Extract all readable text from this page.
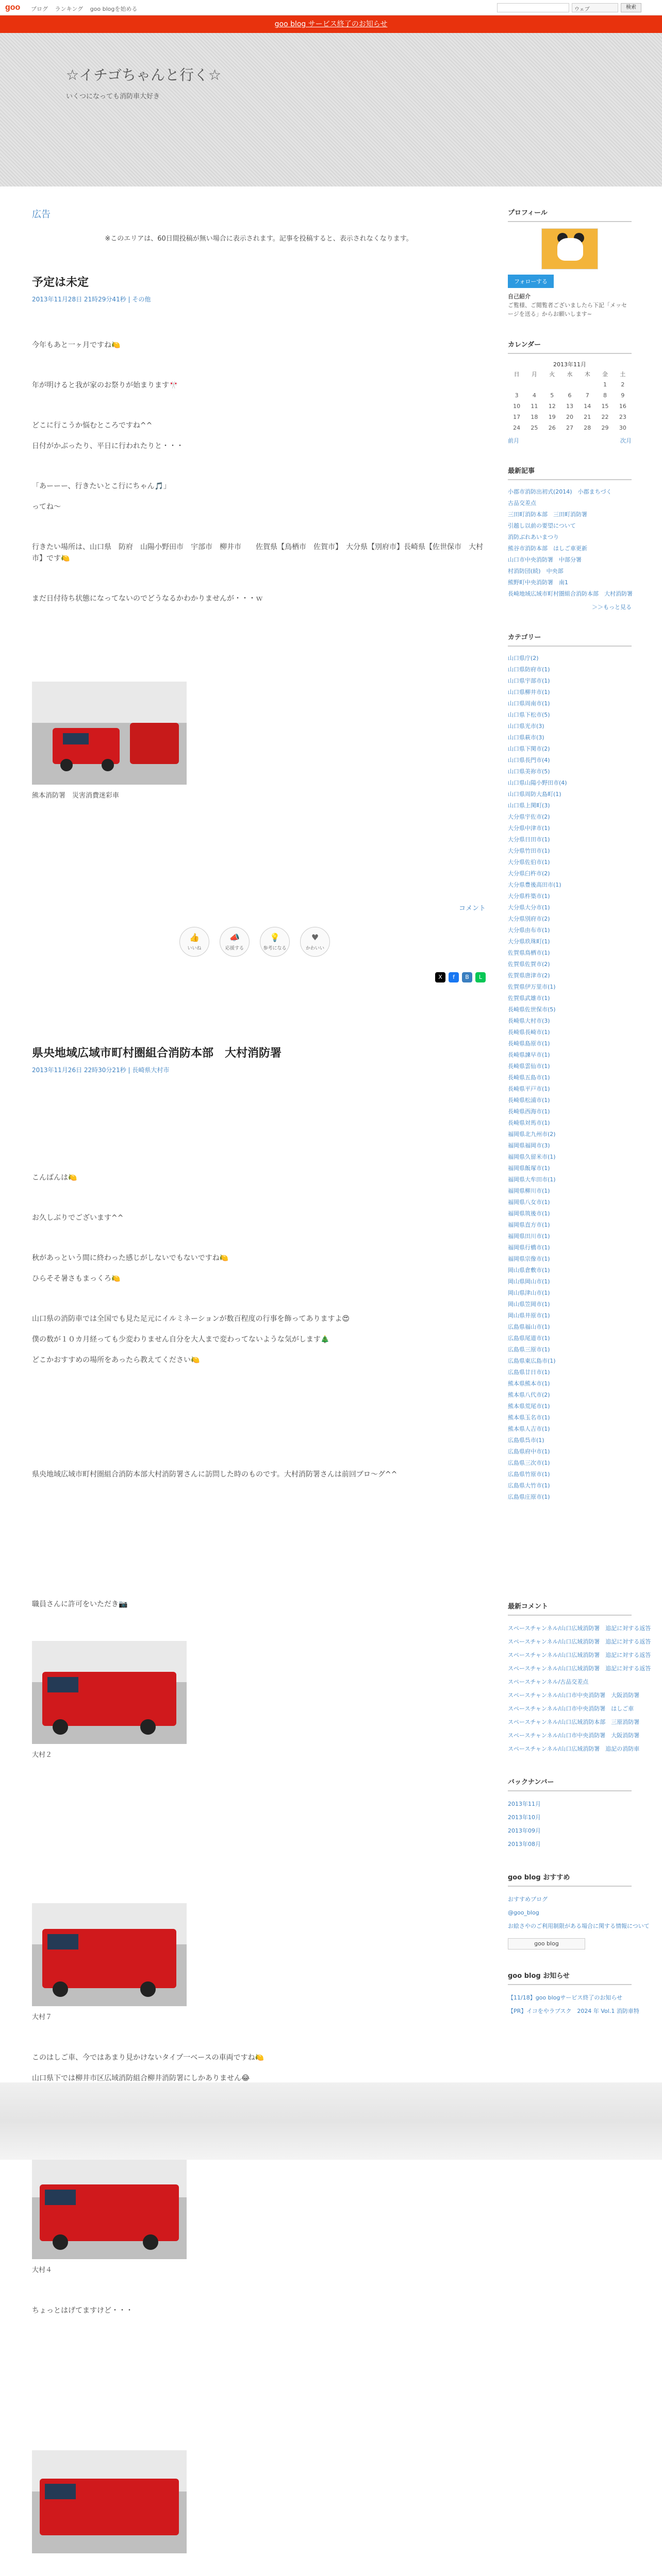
goo ブログ ランキング goo blogを始める	ウェブ	検索
goo blog サービス終了のお知らせ
☆イチゴちゃんと行く☆
いくつになっても消防車大好き
広告
※このエリアは、60日間投稿が無い場合に表示されます。記事を投稿すると、表示されなくなります。
予定は未定
2013年11月28日 21時29分41秒 | その他

今年もあと一ヶ月ですね🍋

年が明けると我が家のお祭りが始まります🎌

どこに行こうか悩むところですね^^

日付がかぶったり、平日に行われたりと・・・

「あーーー、行きたいとこ行にちゃん🎵」

ってね〜

行きたい場所は、山口県　防府　山陽小野田市　宇部市　柳井市　　佐賀県【鳥栖市　佐賀市】　大分県【別府市】長崎県【佐世保市　大村市】です🍋

まだ日付待ち状態になってないのでどうなるかわかりませんが・・・ｗ

熊本消防署　災害消費迷彩車
コメント
👍
いいね
📣
応援する
💡
参考になる
♥
かわいい
X	f	B	L
県央地域広域市町村圏組合消防本部　大村消防署
2013年11月26日 22時30分21秒 | 長崎県大村市

こんばんは🍋

お久しぶりでございます^^

秋があっという間に終わった感じがしないでもないですね🍋

ひらそそ暑さもまっくろ🍋

山口県の消防車では全国でも見た足元にイルミネーションが数百程度の行事を飾ってありますよ😍

僕の数が１０カ月経っても少変わりません自分を大人まで変わってないような気がします🎄

どこかおすすめの場所をあったら教えてください🍋

県央地域広域市町村圏組合消防本部大村消防署さんに訪問した時のものです。大村消防署さんは前回ブロ～グ^^

職員さんに許可をいただき📷

大村２
大村７

このはしご車、今ではあまり見かけないタイプ一ベースの車両ですね🍋

山口県下では柳井市区広域消防組合柳井消防署にしかありません😂

大村４

ちょっとはげてますけど・・・

プロフィール
フォローする
自己紹介
ご覧様、ご閲覧者ございましたら下記「メッセージを送る」からお願いします~
カレンダー
2013年11月
日	月	火	水	木	金	土
					1	2
3	4	5	6	7	8	9
10	11	12	13	14	15	16
17	18	19	20	21	22	23
24	25	26	27	28	29	30
前月	次月
最新記事
小郡市消防出初式(2014)　小郡まちづく
古品交差点
三田町消防本部　三田町消防署
引越し以前の要望について
消防ぶれあいまつり
熊谷市消防本部　はしご車更新
山口市中央消防署　中部分署
村消防団(続)　中央部
熊野町中央消防署　南1
長崎地域広域市町村圏組合消防本部　大村消防署
＞＞もっと見る
カテゴリー
山口県庁(2)
山口県防府市(1)
山口県宇部市(1)
山口県柳井市(1)
山口県周南市(1)
山口県下松市(5)
山口県光市(3)
山口県萩市(3)
山口県下関市(2)
山口県長門市(4)
山口県美祢市(5)
山口県山陽小野田市(4)
山口県周防大島町(1)
山口県上関町(3)
大分県宇佐市(2)
大分県中津市(1)
大分県日田市(1)
大分県竹田市(1)
大分県佐伯市(1)
大分県臼杵市(2)
大分県豊後高田市(1)
大分県杵築市(1)
大分県大分市(1)
大分県別府市(2)
大分県由布市(1)
大分県玖珠町(1)
佐賀県鳥栖市(1)
佐賀県佐賀市(2)
佐賀県唐津市(2)
佐賀県伊万里市(1)
佐賀県武雄市(1)
長崎県佐世保市(5)
長崎県大村市(3)
長崎県長崎市(1)
長崎県島原市(1)
長崎県諫早市(1)
長崎県雲仙市(1)
長崎県五島市(1)
長崎県平戸市(1)
長崎県松浦市(1)
長崎県西海市(1)
長崎県対馬市(1)
福岡県北九州市(2)
福岡県福岡市(3)
福岡県久留米市(1)
福岡県飯塚市(1)
福岡県大牟田市(1)
福岡県柳川市(1)
福岡県八女市(1)
福岡県筑後市(1)
福岡県直方市(1)
福岡県田川市(1)
福岡県行橋市(1)
福岡県宗像市(1)
岡山県倉敷市(1)
岡山県岡山市(1)
岡山県津山市(1)
岡山県笠岡市(1)
岡山県井原市(1)
広島県福山市(1)
広島県尾道市(1)
広島県三原市(1)
広島県東広島市(1)
広島県廿日市(1)
熊本県熊本市(1)
熊本県八代市(2)
熊本県荒尾市(1)
熊本県玉名市(1)
熊本県人吉市(1)
広島県呉市(1)
広島県府中市(1)
広島県三次市(1)
広島県竹原市(1)
広島県大竹市(1)
広島県庄原市(1)
最新コメント
スペースチャンネル/山口広域消防署　追記に対する返答
スペースチャンネル/山口広域消防署　追記に対する返答
スペースチャンネル/山口広域消防署　追記に対する返答
スペースチャンネル/山口広域消防署　追記に対する返答
スペースチャンネル/古品交差点
スペースチャンネル/山口市中央消防署　大阪消防署
スペースチャンネル/山口市中央消防署　はしご車
スペースチャンネル/山口広域消防本部　三原消防署
スペースチャンネル/山口市中央消防署　大阪消防署
スペースチャンネル/山口広域消防署　追記の消防車
バックナンバー
2013年11月
2013年10月
2013年09月
2013年08月
goo blog おすすめ
おすすめブログ
@goo_blog
お絵さやのご利用制限がある場合に関する情報について
goo blog
goo blog お知らせ
【11/18】goo blogサービス終了のお知らせ
【PR】イコをやラブスク　2024 年 Vol.1 消防車特
